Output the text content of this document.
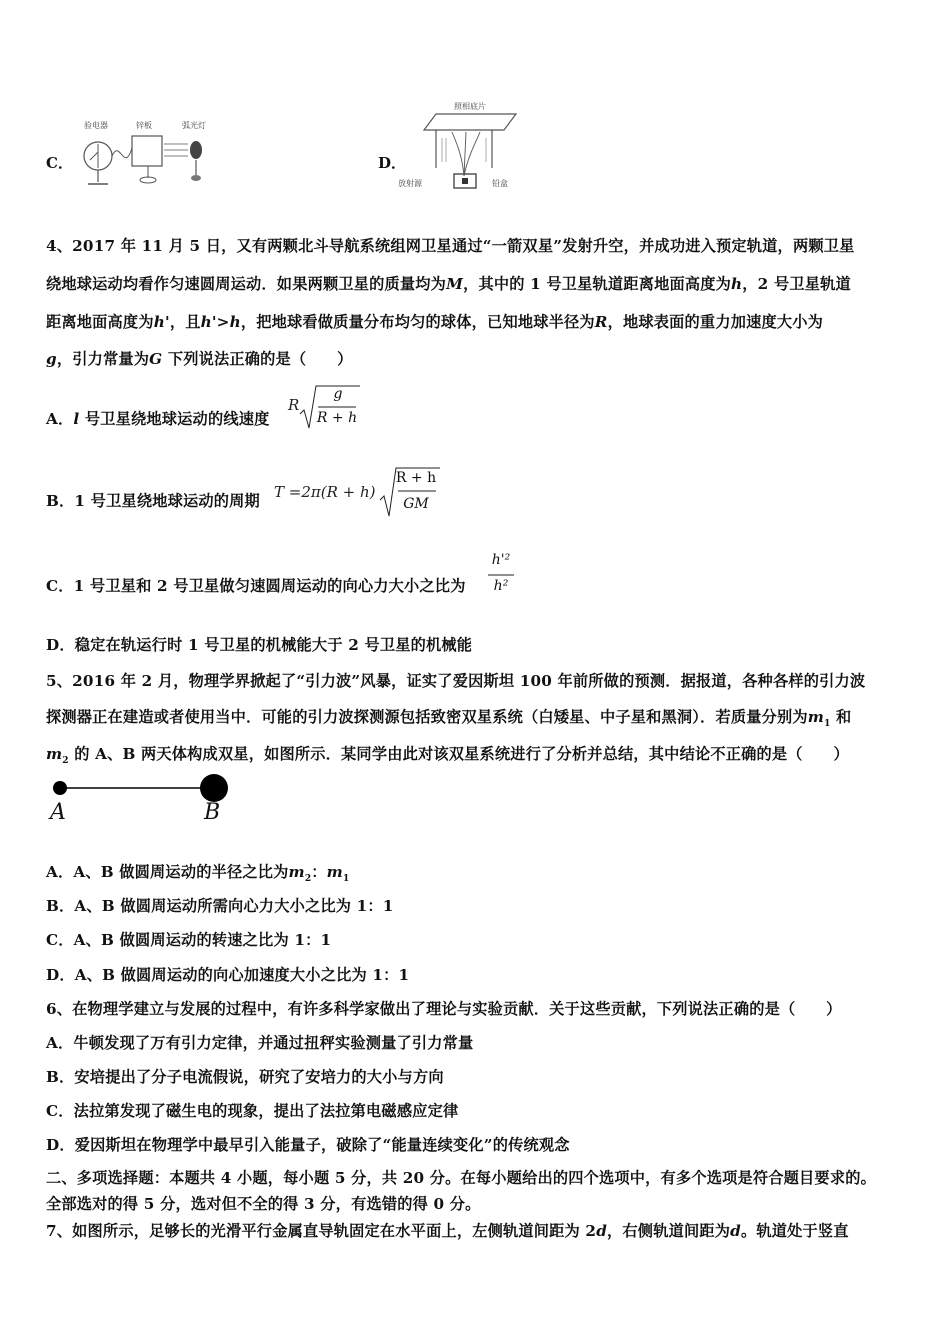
C．
验电器	锌板	弧光灯
D．
照相底片
放射源	铅盒
4、2017 年 11 月 5 日，又有两颗北斗导航系统组网卫星通过“一箭双星”发射升空，并成功进入预定轨道，两颗卫星
绕地球运动均看作匀速圆周运动．如果两颗卫星的质量均为M，其中的 1 号卫星轨道距离地面高度为h，2 号卫星轨道
距离地面高度为h'，且h'>h，把地球看做质量分布均匀的球体，已知地球半径为R，地球表面的重力加速度大小为
g，引力常量为G 下列说法正确的是（　　）
A．l 号卫星绕地球运动的线速度
R
g
R + h
B．1 号卫星绕地球运动的周期 T =2π(R + h)
R + h
GM
C．1 号卫星和 2 号卫星做匀速圆周运动的向心力大小之比为
h'²
h²
D．稳定在轨运行时 1 号卫星的机械能大于 2 号卫星的机械能
5、2016 年 2 月，物理学界掀起了“引力波”风暴，证实了爱因斯坦 100 年前所做的预测．据报道，各种各样的引力波
探测器正在建造或者使用当中．可能的引力波探测源包括致密双星系统（白矮星、中子星和黑洞）．若质量分别为$m_1$ 和
$m_2$ 的 A、B 两天体构成双星，如图所示．某同学由此对该双星系统进行了分析并总结，其中结论不正确的是（　　）
A	B
A．A、B 做圆周运动的半径之比为$m_2$：$m_1$
B．A、B 做圆周运动所需向心力大小之比为 1：1
C．A、B 做圆周运动的转速之比为 1：1
D．A、B 做圆周运动的向心加速度大小之比为 1：1
6、在物理学建立与发展的过程中，有许多科学家做出了理论与实验贡献．关于这些贡献，下列说法正确的是（　　）
A．牛顿发现了万有引力定律，并通过扭秤实验测量了引力常量
B．安培提出了分子电流假说，研究了安培力的大小与方向
C．法拉第发现了磁生电的现象，提出了法拉第电磁感应定律
D．爱因斯坦在物理学中最早引入能量子，破除了“能量连续变化”的传统观念
二、多项选择题：本题共 4 小题，每小题 5 分，共 20 分。在每小题给出的四个选项中，有多个选项是符合题目要求的。
全部选对的得 5 分，选对但不全的得 3 分，有选错的得 0 分。
7、如图所示，足够长的光滑平行金属直导轨固定在水平面上，左侧轨道间距为 2d，右侧轨道间距为d。轨道处于竖直
